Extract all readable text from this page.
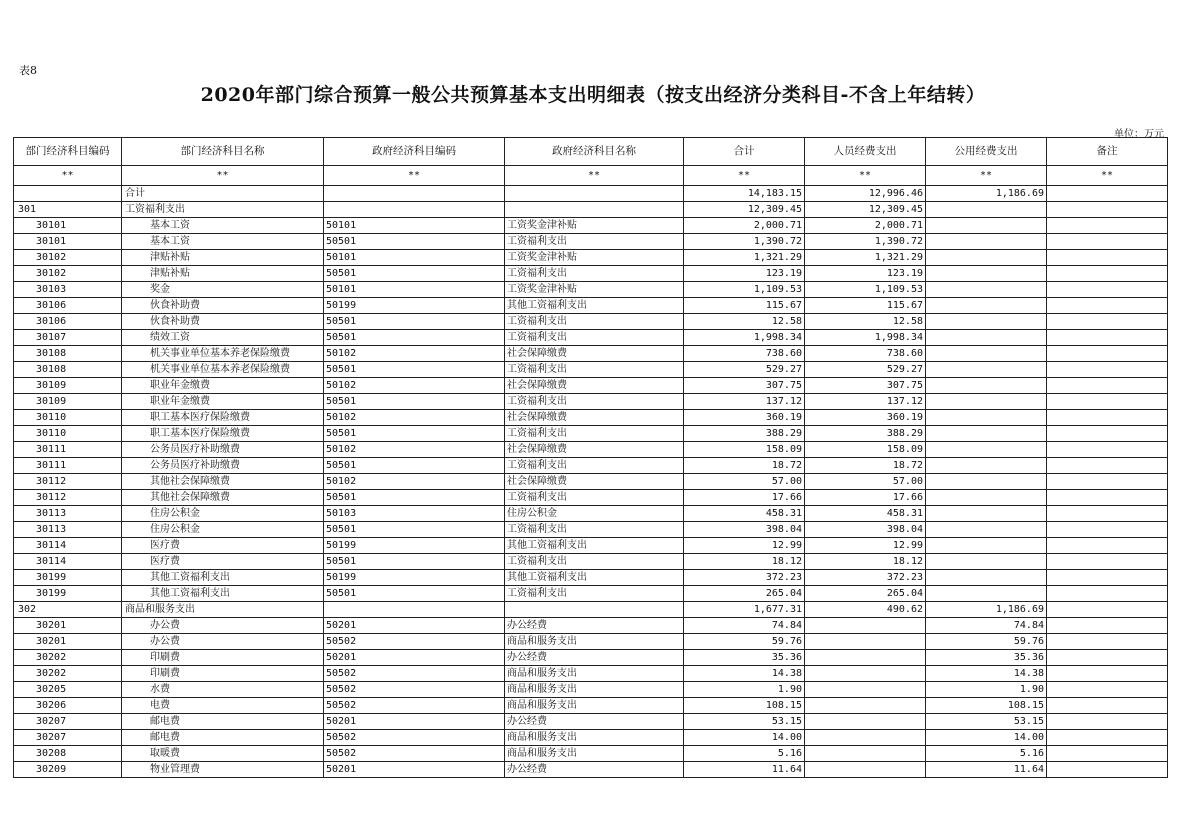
表8
2020年部门综合预算一般公共预算基本支出明细表（按支出经济分类科目-不含上年结转）
单位：万元
部门经济科目编码	部门经济科目名称	政府经济科目编码	政府经济科目名称	合计	人员经费支出	公用经费支出	备注
**	**	**	**	**	**	**	**
	合计			14,183.15	12,996.46	1,186.69	
301	工资福利支出			12,309.45	12,309.45		
30101	基本工资	50101	工资奖金津补贴	2,000.71	2,000.71		
30101	基本工资	50501	工资福利支出	1,390.72	1,390.72		
30102	津贴补贴	50101	工资奖金津补贴	1,321.29	1,321.29		
30102	津贴补贴	50501	工资福利支出	123.19	123.19		
30103	奖金	50101	工资奖金津补贴	1,109.53	1,109.53		
30106	伙食补助费	50199	其他工资福利支出	115.67	115.67		
30106	伙食补助费	50501	工资福利支出	12.58	12.58		
30107	绩效工资	50501	工资福利支出	1,998.34	1,998.34		
30108	机关事业单位基本养老保险缴费	50102	社会保障缴费	738.60	738.60		
30108	机关事业单位基本养老保险缴费	50501	工资福利支出	529.27	529.27		
30109	职业年金缴费	50102	社会保障缴费	307.75	307.75		
30109	职业年金缴费	50501	工资福利支出	137.12	137.12		
30110	职工基本医疗保险缴费	50102	社会保障缴费	360.19	360.19		
30110	职工基本医疗保险缴费	50501	工资福利支出	388.29	388.29		
30111	公务员医疗补助缴费	50102	社会保障缴费	158.09	158.09		
30111	公务员医疗补助缴费	50501	工资福利支出	18.72	18.72		
30112	其他社会保障缴费	50102	社会保障缴费	57.00	57.00		
30112	其他社会保障缴费	50501	工资福利支出	17.66	17.66		
30113	住房公积金	50103	住房公积金	458.31	458.31		
30113	住房公积金	50501	工资福利支出	398.04	398.04		
30114	医疗费	50199	其他工资福利支出	12.99	12.99		
30114	医疗费	50501	工资福利支出	18.12	18.12		
30199	其他工资福利支出	50199	其他工资福利支出	372.23	372.23		
30199	其他工资福利支出	50501	工资福利支出	265.04	265.04		
302	商品和服务支出			1,677.31	490.62	1,186.69	
30201	办公费	50201	办公经费	74.84		74.84	
30201	办公费	50502	商品和服务支出	59.76		59.76	
30202	印刷费	50201	办公经费	35.36		35.36	
30202	印刷费	50502	商品和服务支出	14.38		14.38	
30205	水费	50502	商品和服务支出	1.90		1.90	
30206	电费	50502	商品和服务支出	108.15		108.15	
30207	邮电费	50201	办公经费	53.15		53.15	
30207	邮电费	50502	商品和服务支出	14.00		14.00	
30208	取暖费	50502	商品和服务支出	5.16		5.16	
30209	物业管理费	50201	办公经费	11.64		11.64	
